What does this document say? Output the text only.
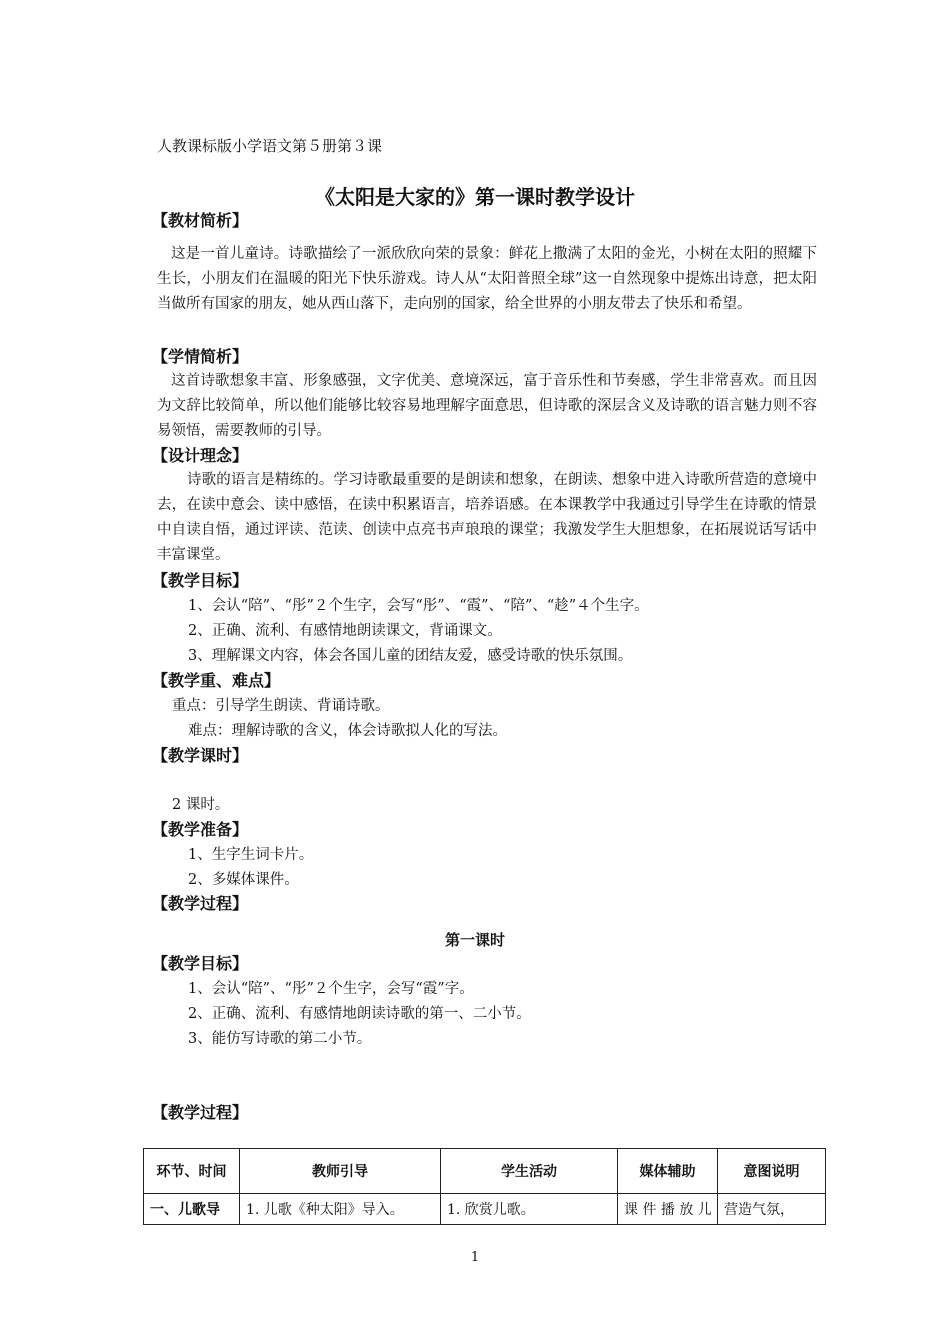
人教课标版小学语文第５册第３课
《太阳是大家的》第一课时教学设计
【教材简析】
这是一首儿童诗。诗歌描绘了一派欣欣向荣的景象：鲜花上撒满了太阳的金光，小树在太阳的照耀下生长，小朋友们在温暖的阳光下快乐游戏。诗人从“太阳普照全球”这一自然现象中提炼出诗意，把太阳当做所有国家的朋友，她从西山落下，走向别的国家，给全世界的小朋友带去了快乐和希望。
【学情简析】
这首诗歌想象丰富、形象感强，文字优美、意境深远，富于音乐性和节奏感，学生非常喜欢。而且因为文辞比较简单，所以他们能够比较容易地理解字面意思，但诗歌的深层含义及诗歌的语言魅力则不容易领悟，需要教师的引导。
【设计理念】
诗歌的语言是精练的。学习诗歌最重要的是朗读和想象，在朗读、想象中进入诗歌所营造的意境中去，在读中意会、读中感悟，在读中积累语言，培养语感。在本课教学中我通过引导学生在诗歌的情景中自读自悟，通过评读、范读、创读中点亮书声琅琅的课堂；我激发学生大胆想象，在拓展说话写话中丰富课堂。
【教学目标】
1、会认“陪”、“彤”２个生字，会写“彤”、“霞”、“陪”、“趁”４个生字。
2、正确、流利、有感情地朗读课文，背诵课文。
3、理解课文内容，体会各国儿童的团结友爱，感受诗歌的快乐氛围。
【教学重、难点】
重点：引导学生朗读、背诵诗歌。
难点：理解诗歌的含义，体会诗歌拟人化的写法。
【教学课时】
2 课时。
【教学准备】
1、生字生词卡片。
2、多媒体课件。
【教学过程】
第一课时
【教学目标】
1、会认“陪”、“彤”２个生字，会写“霞”字。
2、正确、流利、有感情地朗读诗歌的第一、二小节。
3、能仿写诗歌的第二小节。
【教学过程】
环节、时间	教师引导	学生活动	媒体辅助	意图说明
一、儿歌导	1. 儿歌《种太阳》导入。	1. 欣赏儿歌。	课 件 播 放 儿	营造气氛，
1
